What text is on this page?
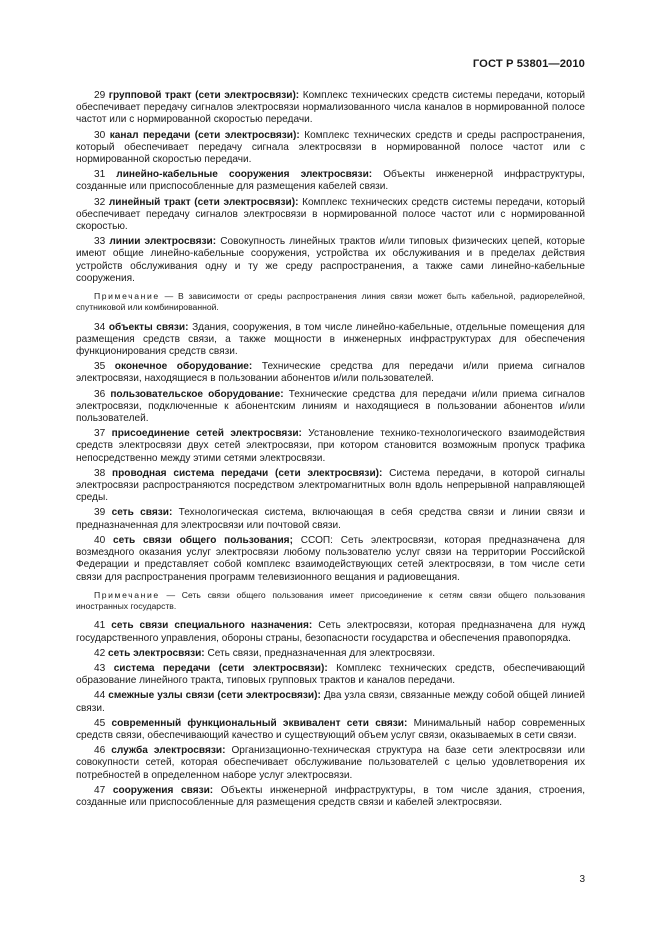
ГОСТ Р 53801—2010

29 групповой тракт (сети электросвязи): Комплекс технических средств системы передачи, который обеспечивает передачу сигналов электросвязи нормализованного числа каналов в нормированной полосе частот или с нормированной скоростью передачи.

30 канал передачи (сети электросвязи): Комплекс технических средств и среды распространения, который обеспечивает передачу сигнала электросвязи в нормированной полосе частот или с нормированной скоростью передачи.

31 линейно-кабельные сооружения электросвязи: Объекты инженерной инфраструктуры, созданные или приспособленные для размещения кабелей связи.

32 линейный тракт (сети электросвязи): Комплекс технических средств системы передачи, который обеспечивает передачу сигналов электросвязи в нормированной полосе частот или с нормированной скоростью.

33 линии электросвязи: Совокупность линейных трактов и/или типовых физических цепей, которые имеют общие линейно-кабельные сооружения, устройства их обслуживания и в пределах действия устройств обслуживания одну и ту же среду распространения, а также сами линейно-кабельные сооружения.

Примечание — В зависимости от среды распространения линия связи может быть кабельной, радиорелейной, спутниковой или комбинированной.

34 объекты связи: Здания, сооружения, в том числе линейно-кабельные, отдельные помещения для размещения средств связи, а также мощности в инженерных инфраструктурах для обеспечения функционирования средств связи.

35 оконечное оборудование: Технические средства для передачи и/или приема сигналов электросвязи, находящиеся в пользовании абонентов и/или пользователей.

36 пользовательское оборудование: Технические средства для передачи и/или приема сигналов электросвязи, подключенные к абонентским линиям и находящиеся в пользовании абонентов и/или пользователей.

37 присоединение сетей электросвязи: Установление технико-технологического взаимодействия средств электросвязи двух сетей электросвязи, при котором становится возможным пропуск трафика непосредственно между этими сетями электросвязи.

38 проводная система передачи (сети электросвязи): Система передачи, в которой сигналы электросвязи распространяются посредством электромагнитных волн вдоль непрерывной направляющей среды.

39 сеть связи: Технологическая система, включающая в себя средства связи и линии связи и предназначенная для электросвязи или почтовой связи.

40 сеть связи общего пользования; ССОП: Сеть электросвязи, которая предназначена для возмездного оказания услуг электросвязи любому пользователю услуг связи на территории Российской Федерации и представляет собой комплекс взаимодействующих сетей электросвязи, в том числе сети связи для распространения программ телевизионного вещания и радиовещания.

Примечание — Сеть связи общего пользования имеет присоединение к сетям связи общего пользования иностранных государств.

41 сеть связи специального назначения: Сеть электросвязи, которая предназначена для нужд государственного управления, обороны страны, безопасности государства и обеспечения правопорядка.

42 сеть электросвязи: Сеть связи, предназначенная для электросвязи.

43 система передачи (сети электросвязи): Комплекс технических средств, обеспечивающий образование линейного тракта, типовых групповых трактов и каналов передачи.

44 смежные узлы связи (сети электросвязи): Два узла связи, связанные между собой общей линией связи.

45 современный функциональный эквивалент сети связи: Минимальный набор современных средств связи, обеспечивающий качество и существующий объем услуг связи, оказываемых в сети связи.

46 служба электросвязи: Организационно-техническая структура на базе сети электросвязи или совокупности сетей, которая обеспечивает обслуживание пользователей с целью удовлетворения их потребностей в определенном наборе услуг электросвязи.

47 сооружения связи: Объекты инженерной инфраструктуры, в том числе здания, строения, созданные или приспособленные для размещения средств связи и кабелей электросвязи.

3
